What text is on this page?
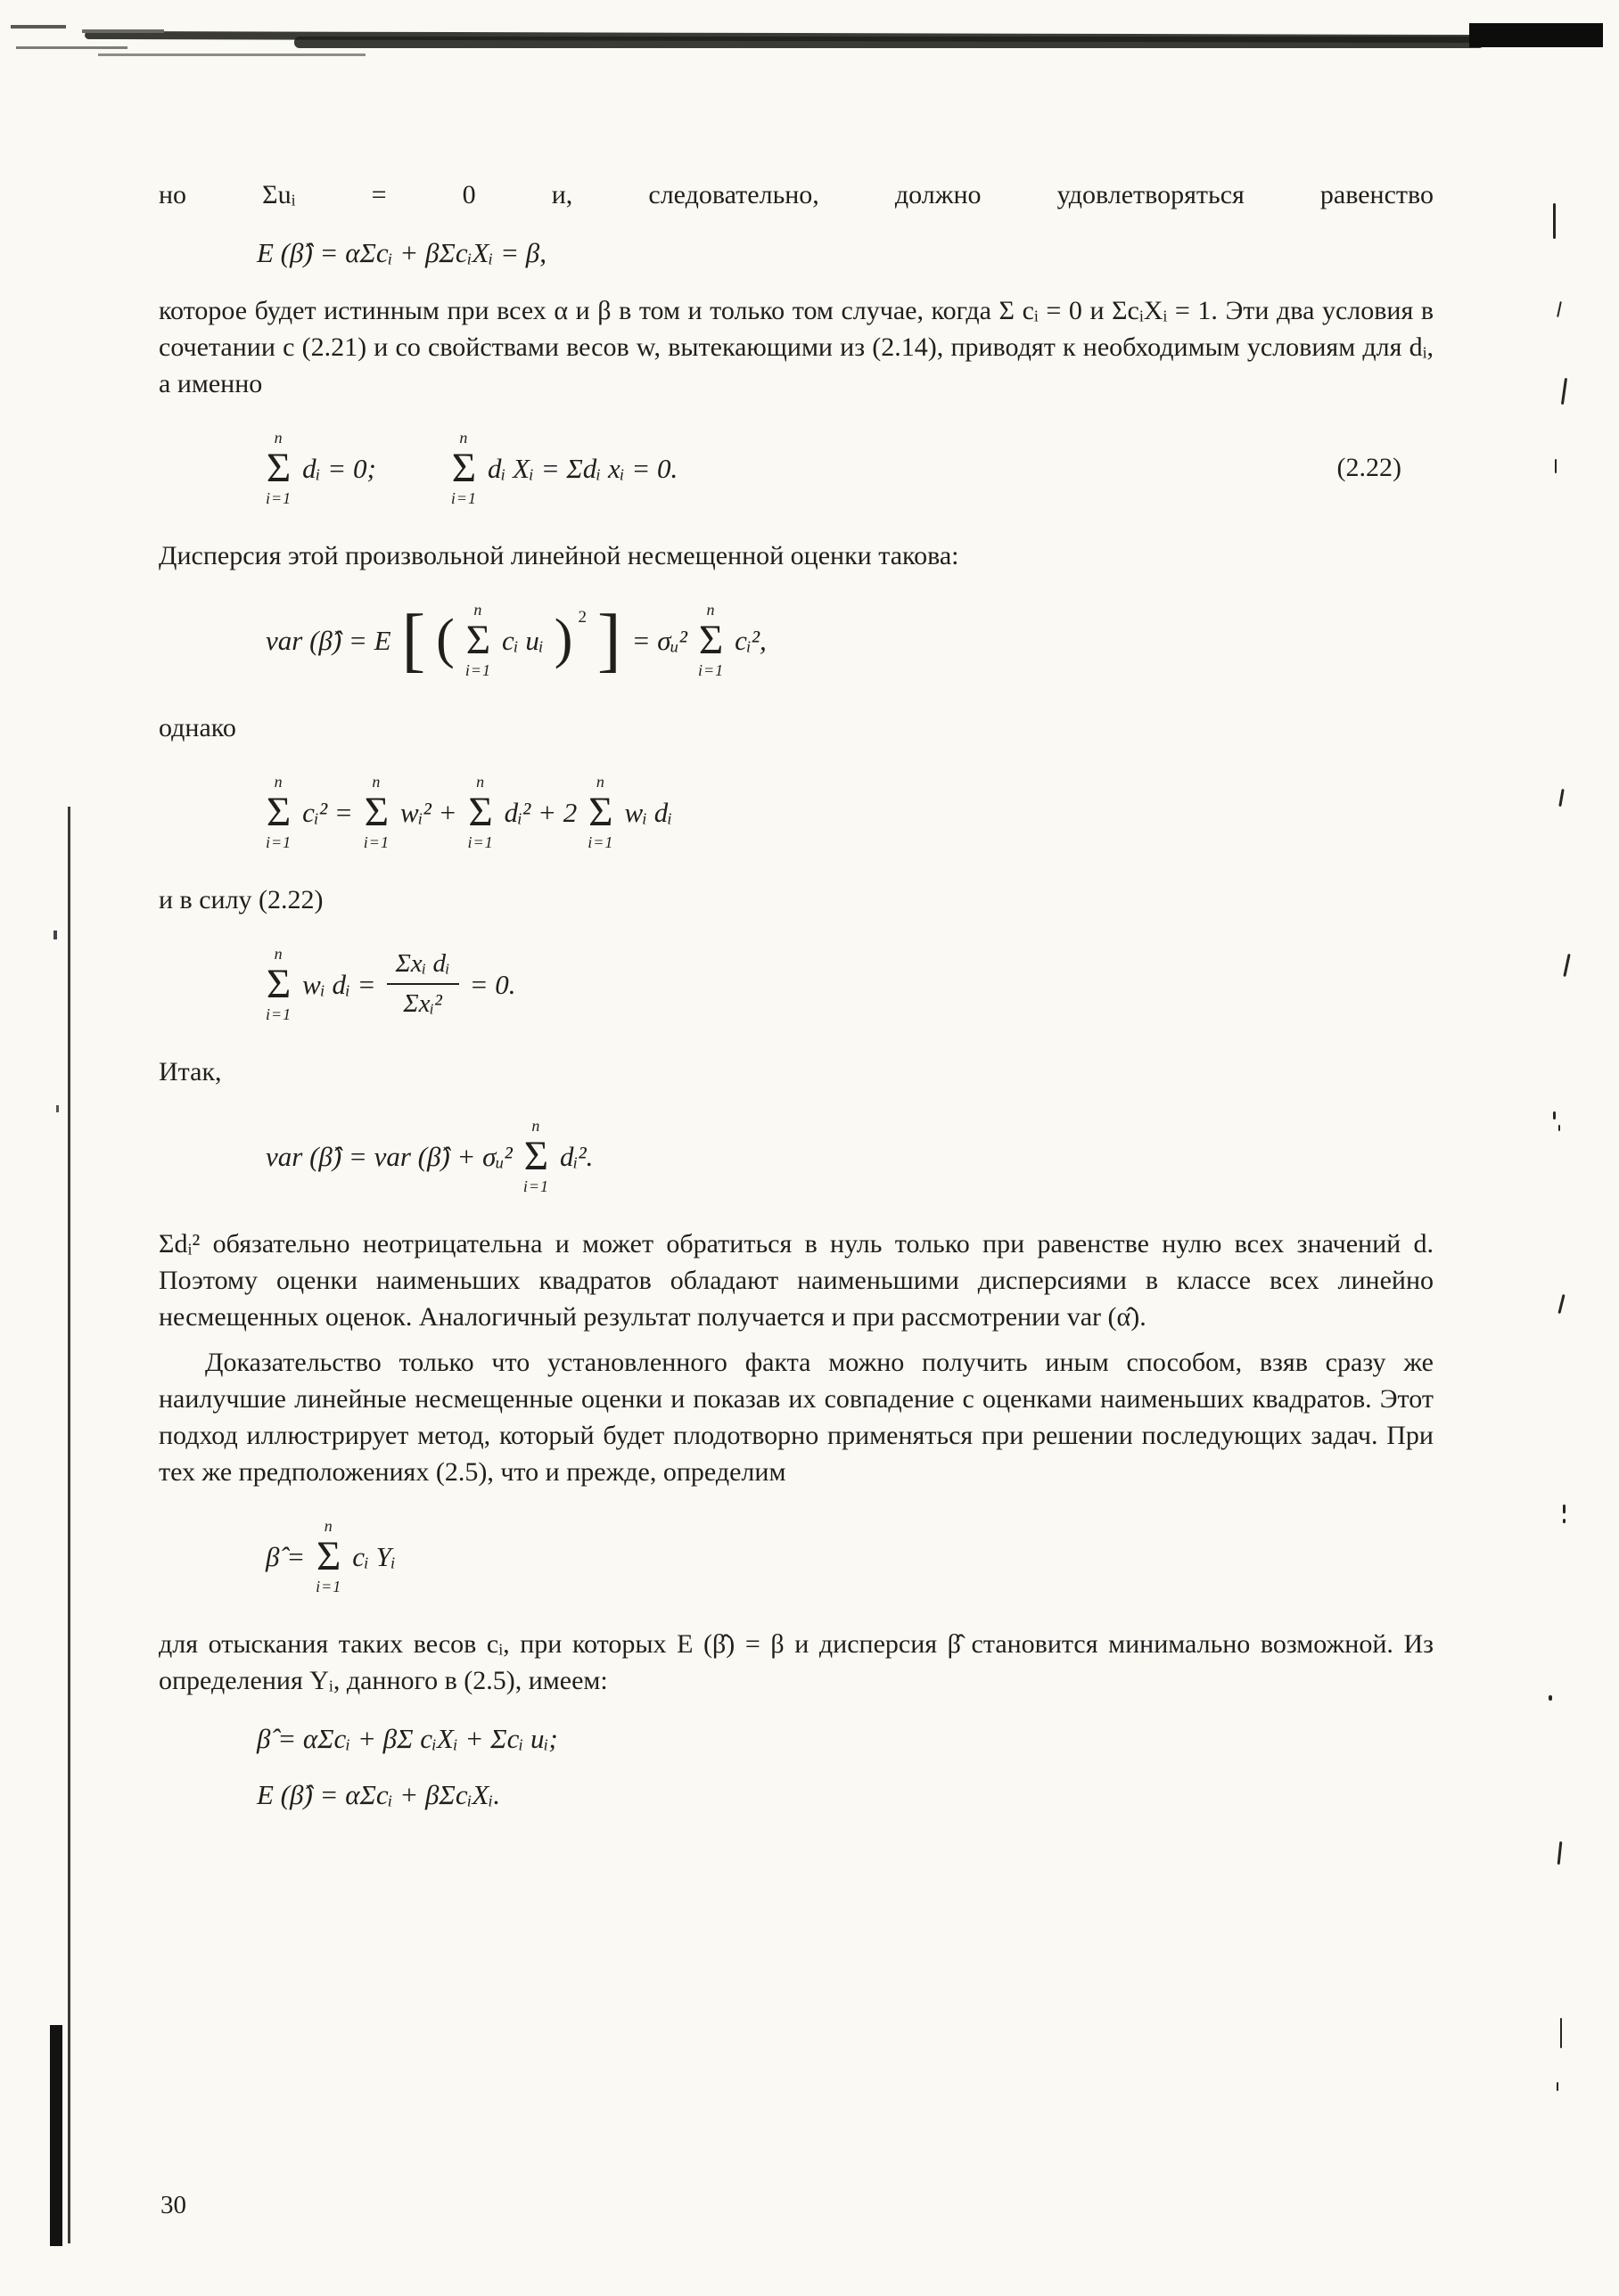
но Σuᵢ = 0 и, следовательно, должно удовлетворяться равенство

E (β̂̂) = αΣcᵢ + βΣcᵢXᵢ = β,

которое будет истинным при всех α и β в том и только том случае, когда Σ cᵢ = 0 и ΣcᵢXᵢ = 1. Эти два условия в сочетании с (2.21) и со свойствами весов w, вытекающими из (2.14), приводят к необходимым условиям для dᵢ, а именно

n
Σ
i=1
dᵢ = 0;
n
Σ
i=1
dᵢ Xᵢ = Σdᵢ xᵢ = 0.	(2.22)

Дисперсия этой произвольной линейной несмещенной оценки такова:

var (β̂̂) = E [ ( n
Σ
i=1
cᵢ uᵢ ) 2 ] = σᵤ²
n
Σ
i=1
cᵢ²,

однако

n
Σ
i=1
cᵢ² =
n
Σ
i=1
wᵢ² +
n
Σ
i=1
dᵢ² + 2
n
Σ
i=1
wᵢ dᵢ

и в силу (2.22)

n
Σ
i=1
wᵢ dᵢ = $\frac{\text{Σxᵢ dᵢ}}{\text{Σxᵢ²}} = 0$.

Итак,

var (β̂̂) = var (β̂) + σᵤ²
n
Σ
i=1
dᵢ².

Σdᵢ² обязательно неотрицательна и может обратиться в нуль только при равенстве нулю всех значений d. Поэтому оценки наименьших квадратов обладают наименьшими дисперсиями в классе всех линейно несмещенных оценок. Аналогичный результат получается и при рассмотрении var (α̂).

Доказательство только что установленного факта можно получить иным способом, взяв сразу же наилучшие линейные несмещенные оценки и показав их совпадение с оценками наименьших квадратов. Этот подход иллюстрирует метод, который будет плодотворно применяться при решении последующих задач. При тех же предположениях (2.5), что и прежде, определим

β̂ =
n
Σ
i=1
cᵢ Yᵢ

для отыскания таких весов cᵢ, при которых E (β̂) = β и дисперсия β̂ становится минимально возможной. Из определения Yᵢ, данного в (2.5), имеем:

β̂ = αΣcᵢ + βΣ cᵢXᵢ + Σcᵢ uᵢ;
E (β̂) = αΣcᵢ + βΣcᵢXᵢ.
30
